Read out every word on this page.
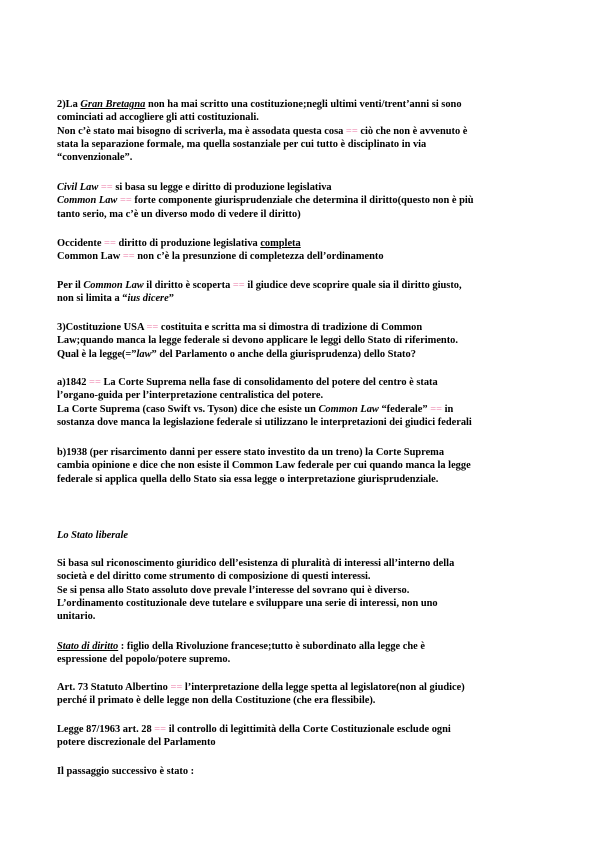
2)La Gran Bretagna non ha mai scritto una costituzione;negli ultimi venti/trent’anni si sono
cominciati ad accogliere gli atti costituzionali.
Non c’è stato mai bisogno di scriverla, ma è assodata questa cosa == ciò che non è avvenuto è
stata la separazione formale, ma quella sostanziale per cui tutto è disciplinato in via
“convenzionale”.
Civil Law == si basa su legge e diritto di produzione legislativa
Common Law == forte componente giurisprudenziale che determina il diritto(questo non è più
tanto serio, ma c’è un diverso modo di vedere il diritto)
Occidente == diritto di produzione legislativa completa
Common Law == non c’è la presunzione di completezza dell’ordinamento
Per il Common Law il diritto è scoperta == il giudice deve scoprire quale sia il diritto giusto,
non si limita a “ius dicere”
3)Costituzione USA == costituita e scritta ma si dimostra di tradizione di Common
Law;quando manca la legge federale si devono applicare le leggi dello Stato di riferimento.
Qual è la legge(=”law” del Parlamento o anche della giurisprudenza) dello Stato?
a)1842 == La Corte Suprema nella fase di consolidamento del potere del centro è stata
l’organo-guida per l’interpretazione centralistica del potere.
La Corte Suprema (caso Swift vs. Tyson) dice che esiste un Common Law “federale” == in
sostanza dove manca la legislazione federale si utilizzano le interpretazioni dei giudici federali
b)1938 (per risarcimento danni per essere stato investito da un treno) la Corte Suprema
cambia opinione e dice che non esiste il Common Law federale per cui quando manca la legge
federale si applica quella dello Stato sia essa legge o interpretazione giurisprudenziale.
Lo Stato liberale
Si basa sul riconoscimento giuridico dell’esistenza di pluralità di interessi all’interno della
società e del diritto come strumento di composizione di questi interessi.
Se si pensa allo Stato assoluto dove prevale l’interesse del sovrano qui è diverso.
L’ordinamento costituzionale deve tutelare e sviluppare una serie di interessi, non uno
unitario.
Stato di diritto : figlio della Rivoluzione francese;tutto è subordinato alla legge che è
espressione del popolo/potere supremo.
Art. 73 Statuto Albertino == l’interpretazione della legge spetta al legislatore(non al giudice)
perché il primato è delle legge non della Costituzione (che era flessibile).
Legge 87/1963 art. 28 == il controllo di legittimità della Corte Costituzionale esclude ogni
potere discrezionale del Parlamento
Il passaggio successivo è stato :
